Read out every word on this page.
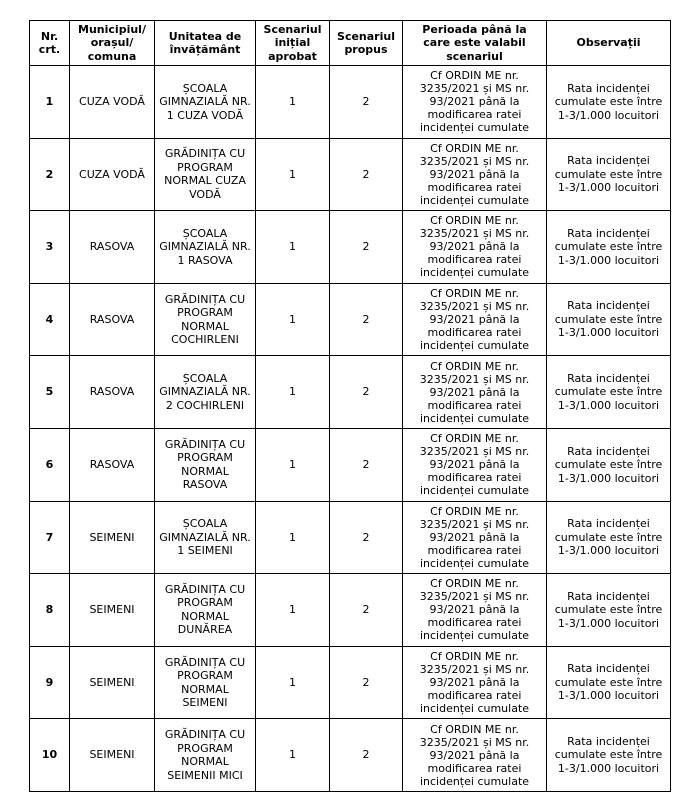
Nr. crt.	Municipiul/ orașul/ comuna	Unitatea de învățământ	Scenariul inițial aprobat	Scenariul propus	Perioada până la care este valabil scenariul	Observații
1	CUZA VODĂ	ȘCOALA GIMNAZIALĂ NR. 1 CUZA VODĂ	1	2	Cf ORDIN ME nr. 3235/2021 și MS nr. 93/2021 până la modificarea ratei incidenței cumulate	Rata incidenței cumulate este între 1-3/1.000 locuitori
2	CUZA VODĂ	GRĂDINIȚA CU PROGRAM NORMAL CUZA VODĂ	1	2	Cf ORDIN ME nr. 3235/2021 și MS nr. 93/2021 până la modificarea ratei incidenței cumulate	Rata incidenței cumulate este între 1-3/1.000 locuitori
3	RASOVA	ȘCOALA GIMNAZIALĂ NR. 1 RASOVA	1	2	Cf ORDIN ME nr. 3235/2021 și MS nr. 93/2021 până la modificarea ratei incidenței cumulate	Rata incidenței cumulate este între 1-3/1.000 locuitori
4	RASOVA	GRĂDINIȚA CU PROGRAM NORMAL COCHIRLENI	1	2	Cf ORDIN ME nr. 3235/2021 și MS nr. 93/2021 până la modificarea ratei incidenței cumulate	Rata incidenței cumulate este între 1-3/1.000 locuitori
5	RASOVA	ȘCOALA GIMNAZIALĂ NR. 2 COCHIRLENI	1	2	Cf ORDIN ME nr. 3235/2021 și MS nr. 93/2021 până la modificarea ratei incidenței cumulate	Rata incidenței cumulate este între 1-3/1.000 locuitori
6	RASOVA	GRĂDINIȚA CU PROGRAM NORMAL RASOVA	1	2	Cf ORDIN ME nr. 3235/2021 și MS nr. 93/2021 până la modificarea ratei incidenței cumulate	Rata incidenței cumulate este între 1-3/1.000 locuitori
7	SEIMENI	ȘCOALA GIMNAZIALĂ NR. 1 SEIMENI	1	2	Cf ORDIN ME nr. 3235/2021 și MS nr. 93/2021 până la modificarea ratei incidenței cumulate	Rata incidenței cumulate este între 1-3/1.000 locuitori
8	SEIMENI	GRĂDINIȚA CU PROGRAM NORMAL DUNĂREA	1	2	Cf ORDIN ME nr. 3235/2021 și MS nr. 93/2021 până la modificarea ratei incidenței cumulate	Rata incidenței cumulate este între 1-3/1.000 locuitori
9	SEIMENI	GRĂDINIȚA CU PROGRAM NORMAL SEIMENI	1	2	Cf ORDIN ME nr. 3235/2021 și MS nr. 93/2021 până la modificarea ratei incidenței cumulate	Rata incidenței cumulate este între 1-3/1.000 locuitori
10	SEIMENI	GRĂDINIȚA CU PROGRAM NORMAL SEIMENII MICI	1	2	Cf ORDIN ME nr. 3235/2021 și MS nr. 93/2021 până la modificarea ratei incidenței cumulate	Rata incidenței cumulate este între 1-3/1.000 locuitori
